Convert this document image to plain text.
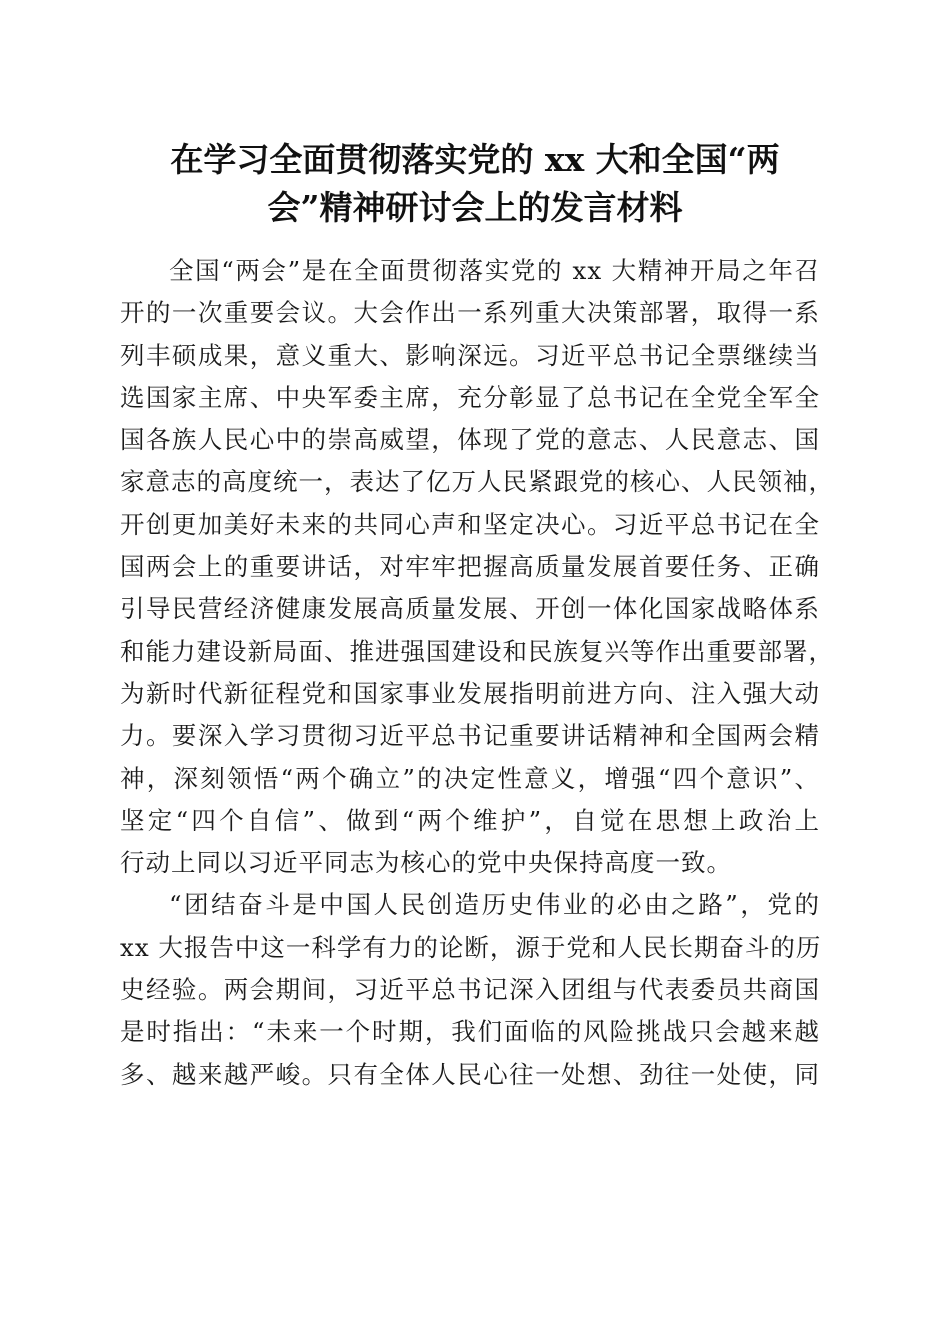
在学习全面贯彻落实党的 xx 大和全国“两
会”精神研讨会上的发言材料
全国“两会”是在全面贯彻落实党的 xx 大精神开局之年召
开的一次重要会议。大会作出一系列重大决策部署，取得一系
列丰硕成果，意义重大、影响深远。习近平总书记全票继续当
选国家主席、中央军委主席，充分彰显了总书记在全党全军全
国各族人民心中的崇高威望，体现了党的意志、人民意志、国
家意志的高度统一，表达了亿万人民紧跟党的核心、人民领袖，
开创更加美好未来的共同心声和坚定决心。习近平总书记在全
国两会上的重要讲话，对牢牢把握高质量发展首要任务、正确
引导民营经济健康发展高质量发展、开创一体化国家战略体系
和能力建设新局面、推进强国建设和民族复兴等作出重要部署，
为新时代新征程党和国家事业发展指明前进方向、注入强大动
力。要深入学习贯彻习近平总书记重要讲话精神和全国两会精
神，深刻领悟“两个确立”的决定性意义，增强“四个意识”、
坚定“四个自信”、做到“两个维护”，自觉在思想上政治上
行动上同以习近平同志为核心的党中央保持高度一致。
“团结奋斗是中国人民创造历史伟业的必由之路”，党的
xx 大报告中这一科学有力的论断，源于党和人民长期奋斗的历
史经验。两会期间，习近平总书记深入团组与代表委员共商国
是时指出：“未来一个时期，我们面临的风险挑战只会越来越
多、越来越严峻。只有全体人民心往一处想、劲往一处使，同
